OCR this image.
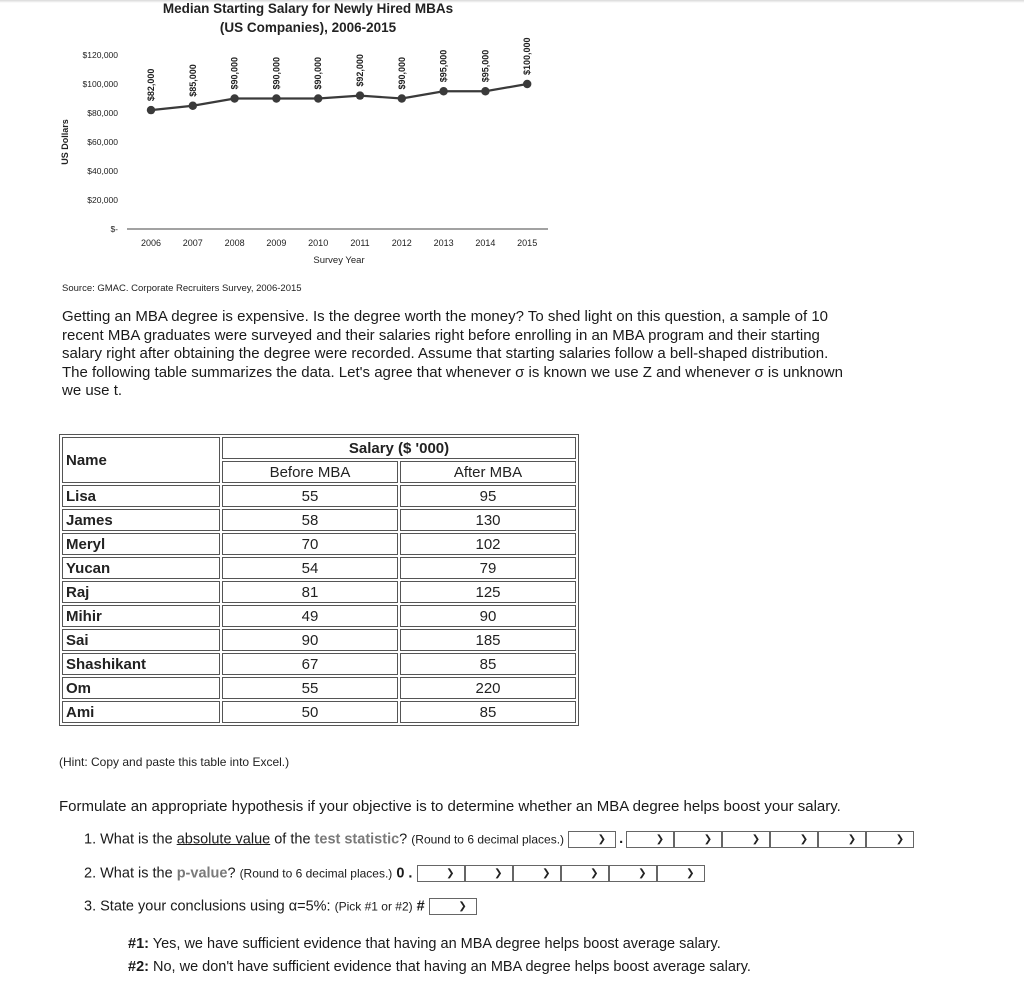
Median Starting Salary for Newly Hired MBAs
(US Companies), 2006-2015
$-
$20,000
$40,000
$60,000
$80,000
$100,000
$120,000
US Dollars
2006 2007 2008 2009 2010 2011 2012 2013 2014 2015
Survey Year
$82,000	$85,000	$90,000	$90,000	$90,000	$92,000	$90,000	$95,000	$95,000	$100,000
Source: GMAC. Corporate Recruiters Survey, 2006-2015
Getting an MBA degree is expensive. Is the degree worth the money? To shed light on this question, a sample of 10 recent MBA graduates were surveyed and their salaries right before enrolling in an MBA program and their starting salary right after obtaining the degree were recorded. Assume that starting salaries follow a bell-shaped distribution. The following table summarizes the data. Let's agree that whenever σ is known we use Z and whenever σ is unknown we use t.
Name	Salary ($ '000)	
	Before MBA	After MBA
Lisa	55	95
James	58	130
Meryl	70	102
Yucan	54	79
Raj	81	125
Mihir	49	90
Sai	90	185
Shashikant	67	85
Om	55	220
Ami	50	85
(Hint: Copy and paste this table into Excel.)
Formulate an appropriate hypothesis if your objective is to determine whether an MBA degree helps boost your salary.
1. What is the absolute value of the test statistic? (Round to 6 decimal places.)	❯ .	❯	❯	❯	❯	❯	❯
2. What is the p-value? (Round to 6 decimal places.) 0 .	❯	❯	❯	❯	❯	❯
3. State your conclusions using α=5%: (Pick #1 or #2) #	❯
#1: Yes, we have sufficient evidence that having an MBA degree helps boost average salary.
#2: No, we don't have sufficient evidence that having an MBA degree helps boost average salary.
